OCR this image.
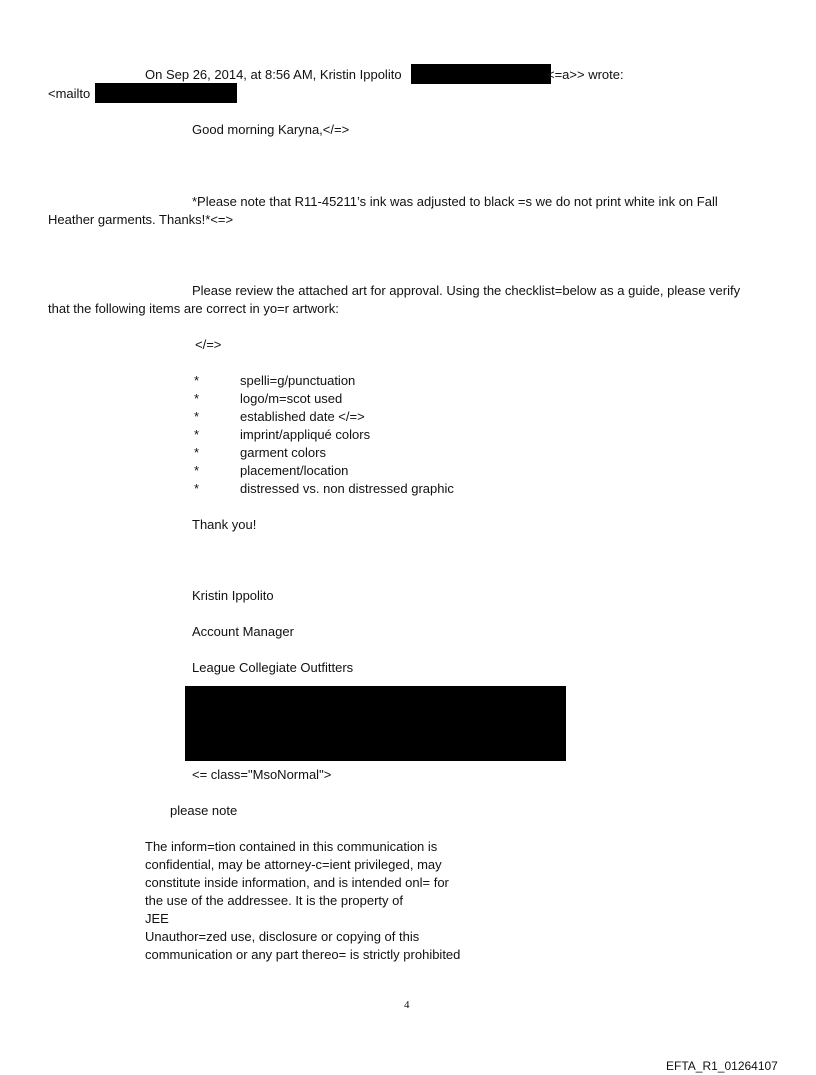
On Sep 26, 2014, at 8:56 AM, Kristin Ippolito	<=a>> wrote:
<mailto
Good morning Karyna,</=>
*Please note that R11-45211’s ink was adjusted to black =s we do not print white ink on Fall
Heather garments. Thanks!*<=>
Please review the attached art for approval. Using the checklist=below as a guide, please verify
that the following items are correct in yo=r artwork:
</=>
*	spelli=g/punctuation
*	logo/m=scot used
*	established date </=>
*	imprint/appliqué colors
*	garment colors
*	placement/location
*	distressed vs. non distressed graphic
Thank you!
Kristin Ippolito
Account Manager
League Collegiate Outfitters
<= class="MsoNormal">
please note
The inform=tion contained in this communication is
confidential, may be attorney-c=ient privileged, may
constitute inside information, and is intended onl= for
the use of the addressee. It is the property of
JEE
Unauthor=zed use, disclosure or copying of this
communication or any part thereo= is strictly prohibited
4
EFTA_R1_01264107
